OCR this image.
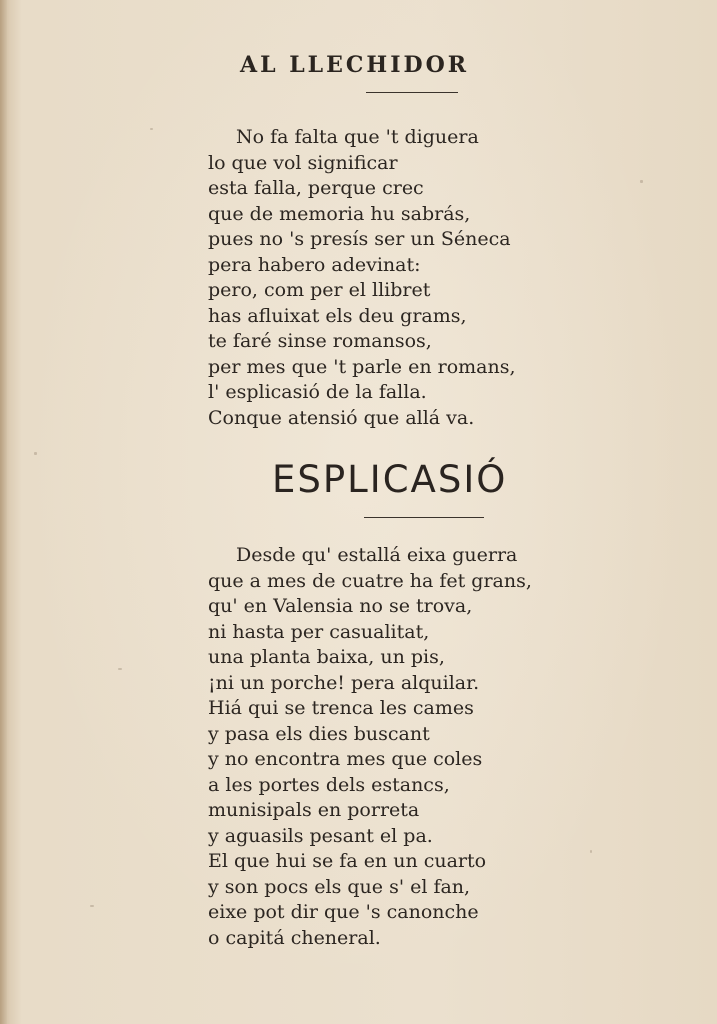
AL LLECHIDOR
No fa falta que 't diguera
lo que vol significar
esta falla, perque crec
que de memoria hu sabrás,
pues no 's presís ser un Séneca
pera habero adevinat:
pero, com per el llibret
has afluixat els deu grams,
te faré sinse romansos,
per mes que 't parle en romans,
l' esplicasió de la falla.
Conque atensió que allá va.
ESPLICASIÓ
Desde qu' estallá eixa guerra
que a mes de cuatre ha fet grans,
qu' en Valensia no se trova,
ni hasta per casualitat,
una planta baixa, un pis,
¡ni un porche! pera alquilar.
Hiá qui se trenca les cames
y pasa els dies buscant
y no encontra mes que coles
a les portes dels estancs,
munisipals en porreta
y aguasils pesant el pa.
El que hui se fa en un cuarto
y son pocs els que s' el fan,
eixe pot dir que 's canonche
o capitá cheneral.
